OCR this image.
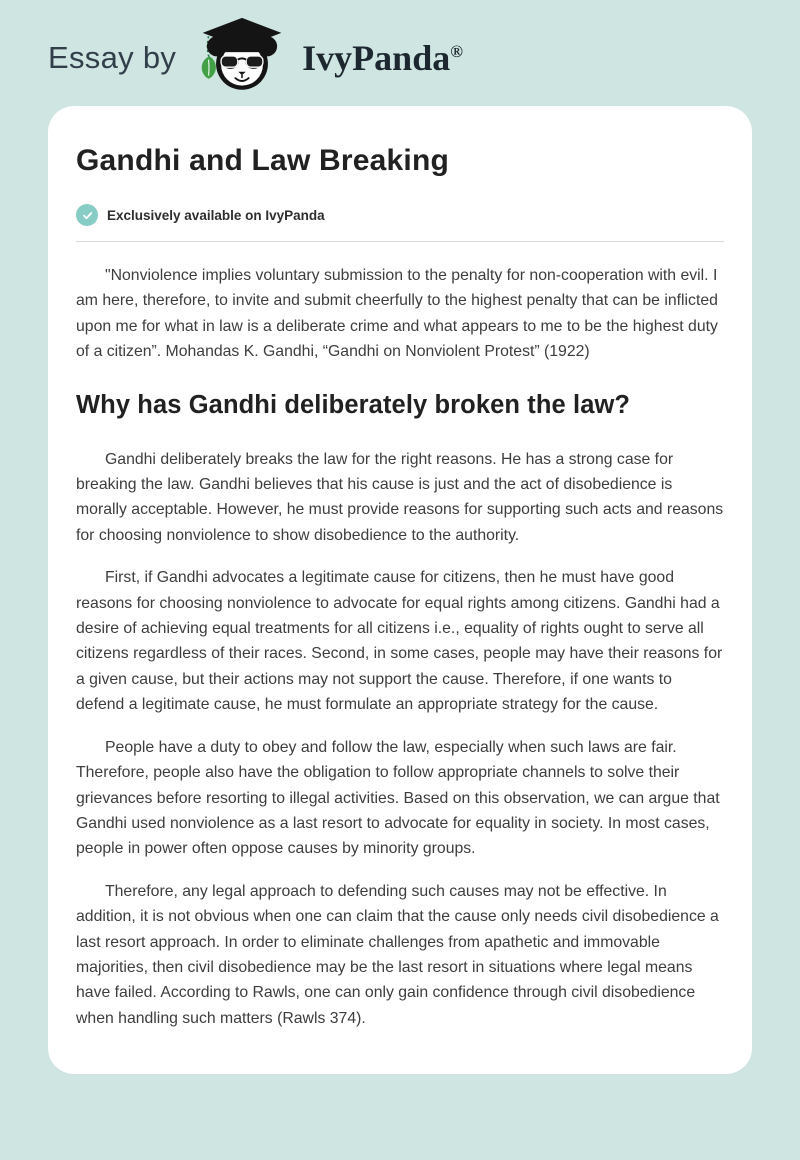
Essay by	IvyPanda®
Gandhi and Law Breaking
Exclusively available on IvyPanda

"Nonviolence implies voluntary submission to the penalty for non-cooperation with evil. I am here, therefore, to invite and submit cheerfully to the highest penalty that can be inflicted upon me for what in law is a deliberate crime and what appears to me to be the highest duty of a citizen”. Mohandas K. Gandhi, “Gandhi on Nonviolent Protest” (1922)

Why has Gandhi deliberately broken the law?

Gandhi deliberately breaks the law for the right reasons. He has a strong case for breaking the law. Gandhi believes that his cause is just and the act of disobedience is morally acceptable. However, he must provide reasons for supporting such acts and reasons for choosing nonviolence to show disobedience to the authority.

First, if Gandhi advocates a legitimate cause for citizens, then he must have good reasons for choosing nonviolence to advocate for equal rights among citizens. Gandhi had a desire of achieving equal treatments for all citizens i.e., equality of rights ought to serve all citizens regardless of their races. Second, in some cases, people may have their reasons for a given cause, but their actions may not support the cause. Therefore, if one wants to defend a legitimate cause, he must formulate an appropriate strategy for the cause.

People have a duty to obey and follow the law, especially when such laws are fair. Therefore, people also have the obligation to follow appropriate channels to solve their grievances before resorting to illegal activities. Based on this observation, we can argue that Gandhi used nonviolence as a last resort to advocate for equality in society. In most cases, people in power often oppose causes by minority groups.

Therefore, any legal approach to defending such causes may not be effective. In addition, it is not obvious when one can claim that the cause only needs civil disobedience a last resort approach. In order to eliminate challenges from apathetic and immovable majorities, then civil disobedience may be the last resort in situations where legal means have failed. According to Rawls, one can only gain confidence through civil disobedience when handling such matters (Rawls 374).
